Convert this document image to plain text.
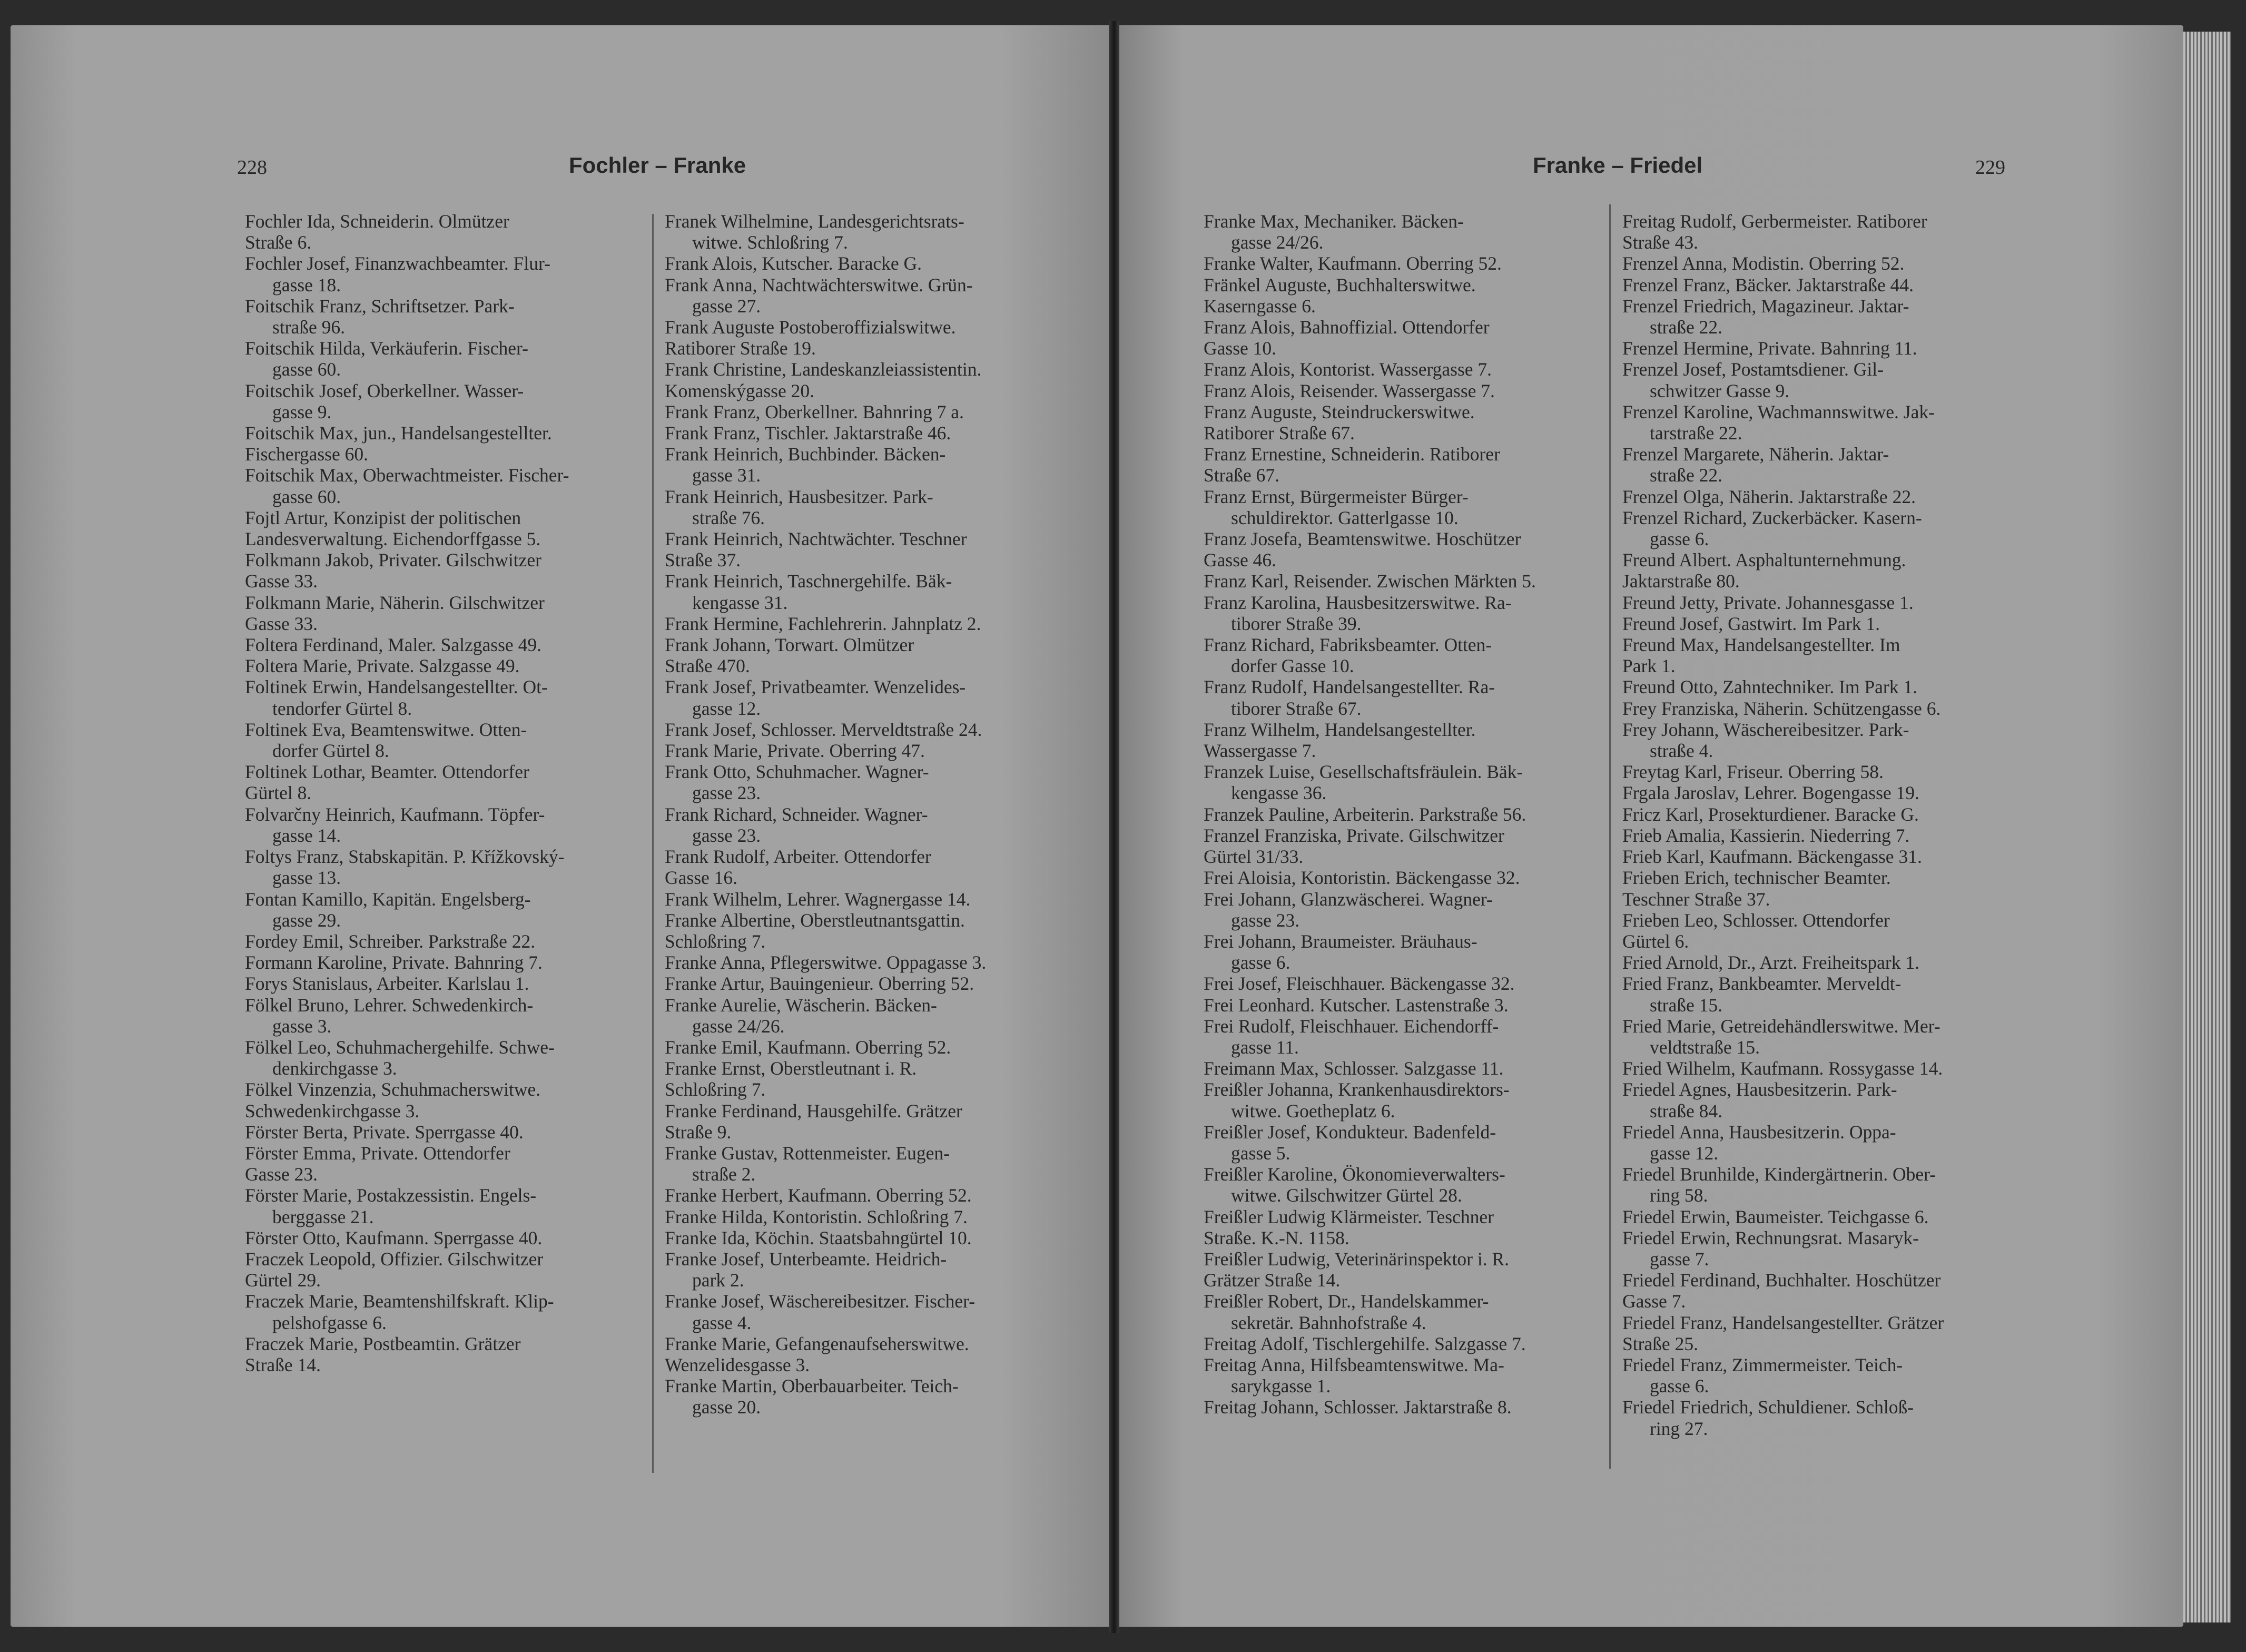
228	Fochler – Franke
Fochler Ida, Schneiderin. Olmützer
Straße 6.
Fochler Josef, Finanzwachbeamter. Flur-
gasse 18.
Foitschik Franz, Schriftsetzer. Park-
straße 96.
Foitschik Hilda, Verkäuferin. Fischer-
gasse 60.
Foitschik Josef, Oberkellner. Wasser-
gasse 9.
Foitschik Max, jun., Handelsangestellter.
Fischergasse 60.
Foitschik Max, Oberwachtmeister. Fischer-
gasse 60.
Fojtl Artur, Konzipist der politischen
Landesverwaltung. Eichendorffgasse 5.
Folkmann Jakob, Privater. Gilschwitzer
Gasse 33.
Folkmann Marie, Näherin. Gilschwitzer
Gasse 33.
Foltera Ferdinand, Maler. Salzgasse 49.
Foltera Marie, Private. Salzgasse 49.
Foltinek Erwin, Handelsangestellter. Ot-
tendorfer Gürtel 8.
Foltinek Eva, Beamtenswitwe. Otten-
dorfer Gürtel 8.
Foltinek Lothar, Beamter. Ottendorfer
Gürtel 8.
Folvarčny Heinrich, Kaufmann. Töpfer-
gasse 14.
Foltys Franz, Stabskapitän. P. Křížkovský-
gasse 13.
Fontan Kamillo, Kapitän. Engelsberg-
gasse 29.
Fordey Emil, Schreiber. Parkstraße 22.
Formann Karoline, Private. Bahnring 7.
Forys Stanislaus, Arbeiter. Karlslau 1.
Fölkel Bruno, Lehrer. Schwedenkirch-
gasse 3.
Fölkel Leo, Schuhmachergehilfe. Schwe-
denkirchgasse 3.
Fölkel Vinzenzia, Schuhmacherswitwe.
Schwedenkirchgasse 3.
Förster Berta, Private. Sperrgasse 40.
Förster Emma, Private. Ottendorfer
Gasse 23.
Förster Marie, Postakzessistin. Engels-
berggasse 21.
Förster Otto, Kaufmann. Sperrgasse 40.
Fraczek Leopold, Offizier. Gilschwitzer
Gürtel 29.
Fraczek Marie, Beamtenshilfskraft. Klip-
pelshofgasse 6.
Fraczek Marie, Postbeamtin. Grätzer
Straße 14.
Franek Wilhelmine, Landesgerichtsrats-
witwe. Schloßring 7.
Frank Alois, Kutscher. Baracke G.
Frank Anna, Nachtwächterswitwe. Grün-
gasse 27.
Frank Auguste Postoberoffizialswitwe.
Ratiborer Straße 19.
Frank Christine, Landeskanzleiassistentin.
Komenskýgasse 20.
Frank Franz, Oberkellner. Bahnring 7 a.
Frank Franz, Tischler. Jaktarstraße 46.
Frank Heinrich, Buchbinder. Bäcken-
gasse 31.
Frank Heinrich, Hausbesitzer. Park-
straße 76.
Frank Heinrich, Nachtwächter. Teschner
Straße 37.
Frank Heinrich, Taschnergehilfe. Bäk-
kengasse 31.
Frank Hermine, Fachlehrerin. Jahnplatz 2.
Frank Johann, Torwart. Olmützer
Straße 470.
Frank Josef, Privatbeamter. Wenzelides-
gasse 12.
Frank Josef, Schlosser. Merveldtstraße 24.
Frank Marie, Private. Oberring 47.
Frank Otto, Schuhmacher. Wagner-
gasse 23.
Frank Richard, Schneider. Wagner-
gasse 23.
Frank Rudolf, Arbeiter. Ottendorfer
Gasse 16.
Frank Wilhelm, Lehrer. Wagnergasse 14.
Franke Albertine, Oberstleutnantsgattin.
Schloßring 7.
Franke Anna, Pflegerswitwe. Oppagasse 3.
Franke Artur, Bauingenieur. Oberring 52.
Franke Aurelie, Wäscherin. Bäcken-
gasse 24/26.
Franke Emil, Kaufmann. Oberring 52.
Franke Ernst, Oberstleutnant i. R.
Schloßring 7.
Franke Ferdinand, Hausgehilfe. Grätzer
Straße 9.
Franke Gustav, Rottenmeister. Eugen-
straße 2.
Franke Herbert, Kaufmann. Oberring 52.
Franke Hilda, Kontoristin. Schloßring 7.
Franke Ida, Köchin. Staatsbahngürtel 10.
Franke Josef, Unterbeamte. Heidrich-
park 2.
Franke Josef, Wäschereibesitzer. Fischer-
gasse 4.
Franke Marie, Gefangenaufseherswitwe.
Wenzelidesgasse 3.
Franke Martin, Oberbauarbeiter. Teich-
gasse 20.
Franke – Friedel	229
Franke Max, Mechaniker. Bäcken-
gasse 24/26.
Franke Walter, Kaufmann. Oberring 52.
Fränkel Auguste, Buchhalterswitwe.
Kaserngasse 6.
Franz Alois, Bahnoffizial. Ottendorfer
Gasse 10.
Franz Alois, Kontorist. Wassergasse 7.
Franz Alois, Reisender. Wassergasse 7.
Franz Auguste, Steindruckerswitwe.
Ratiborer Straße 67.
Franz Ernestine, Schneiderin. Ratiborer
Straße 67.
Franz Ernst, Bürgermeister Bürger-
schuldirektor. Gatterlgasse 10.
Franz Josefa, Beamtenswitwe. Hoschützer
Gasse 46.
Franz Karl, Reisender. Zwischen Märkten 5.
Franz Karolina, Hausbesitzerswitwe. Ra-
tiborer Straße 39.
Franz Richard, Fabriksbeamter. Otten-
dorfer Gasse 10.
Franz Rudolf, Handelsangestellter. Ra-
tiborer Straße 67.
Franz Wilhelm, Handelsangestellter.
Wassergasse 7.
Franzek Luise, Gesellschaftsfräulein. Bäk-
kengasse 36.
Franzek Pauline, Arbeiterin. Parkstraße 56.
Franzel Franziska, Private. Gilschwitzer
Gürtel 31/33.
Frei Aloisia, Kontoristin. Bäckengasse 32.
Frei Johann, Glanzwäscherei. Wagner-
gasse 23.
Frei Johann, Braumeister. Bräuhaus-
gasse 6.
Frei Josef, Fleischhauer. Bäckengasse 32.
Frei Leonhard. Kutscher. Lastenstraße 3.
Frei Rudolf, Fleischhauer. Eichendorff-
gasse 11.
Freimann Max, Schlosser. Salzgasse 11.
Freißler Johanna, Krankenhausdirektors-
witwe. Goetheplatz 6.
Freißler Josef, Kondukteur. Badenfeld-
gasse 5.
Freißler Karoline, Ökonomieverwalters-
witwe. Gilschwitzer Gürtel 28.
Freißler Ludwig Klärmeister. Teschner
Straße. K.-N. 1158.
Freißler Ludwig, Veterinärinspektor i. R.
Grätzer Straße 14.
Freißler Robert, Dr., Handelskammer-
sekretär. Bahnhofstraße 4.
Freitag Adolf, Tischlergehilfe. Salzgasse 7.
Freitag Anna, Hilfsbeamtenswitwe. Ma-
sarykgasse 1.
Freitag Johann, Schlosser. Jaktarstraße 8.
Freitag Rudolf, Gerbermeister. Ratiborer
Straße 43.
Frenzel Anna, Modistin. Oberring 52.
Frenzel Franz, Bäcker. Jaktarstraße 44.
Frenzel Friedrich, Magazineur. Jaktar-
straße 22.
Frenzel Hermine, Private. Bahnring 11.
Frenzel Josef, Postamtsdiener. Gil-
schwitzer Gasse 9.
Frenzel Karoline, Wachmannswitwe. Jak-
tarstraße 22.
Frenzel Margarete, Näherin. Jaktar-
straße 22.
Frenzel Olga, Näherin. Jaktarstraße 22.
Frenzel Richard, Zuckerbäcker. Kasern-
gasse 6.
Freund Albert. Asphaltunternehmung.
Jaktarstraße 80.
Freund Jetty, Private. Johannesgasse 1.
Freund Josef, Gastwirt. Im Park 1.
Freund Max, Handelsangestellter. Im
Park 1.
Freund Otto, Zahntechniker. Im Park 1.
Frey Franziska, Näherin. Schützengasse 6.
Frey Johann, Wäschereibesitzer. Park-
straße 4.
Freytag Karl, Friseur. Oberring 58.
Frgala Jaroslav, Lehrer. Bogengasse 19.
Fricz Karl, Prosekturdiener. Baracke G.
Frieb Amalia, Kassierin. Niederring 7.
Frieb Karl, Kaufmann. Bäckengasse 31.
Frieben Erich, technischer Beamter.
Teschner Straße 37.
Frieben Leo, Schlosser. Ottendorfer
Gürtel 6.
Fried Arnold, Dr., Arzt. Freiheitspark 1.
Fried Franz, Bankbeamter. Merveldt-
straße 15.
Fried Marie, Getreidehändlerswitwe. Mer-
veldtstraße 15.
Fried Wilhelm, Kaufmann. Rossygasse 14.
Friedel Agnes, Hausbesitzerin. Park-
straße 84.
Friedel Anna, Hausbesitzerin. Oppa-
gasse 12.
Friedel Brunhilde, Kindergärtnerin. Ober-
ring 58.
Friedel Erwin, Baumeister. Teichgasse 6.
Friedel Erwin, Rechnungsrat. Masaryk-
gasse 7.
Friedel Ferdinand, Buchhalter. Hoschützer
Gasse 7.
Friedel Franz, Handelsangestellter. Grätzer
Straße 25.
Friedel Franz, Zimmermeister. Teich-
gasse 6.
Friedel Friedrich, Schuldiener. Schloß-
ring 27.
